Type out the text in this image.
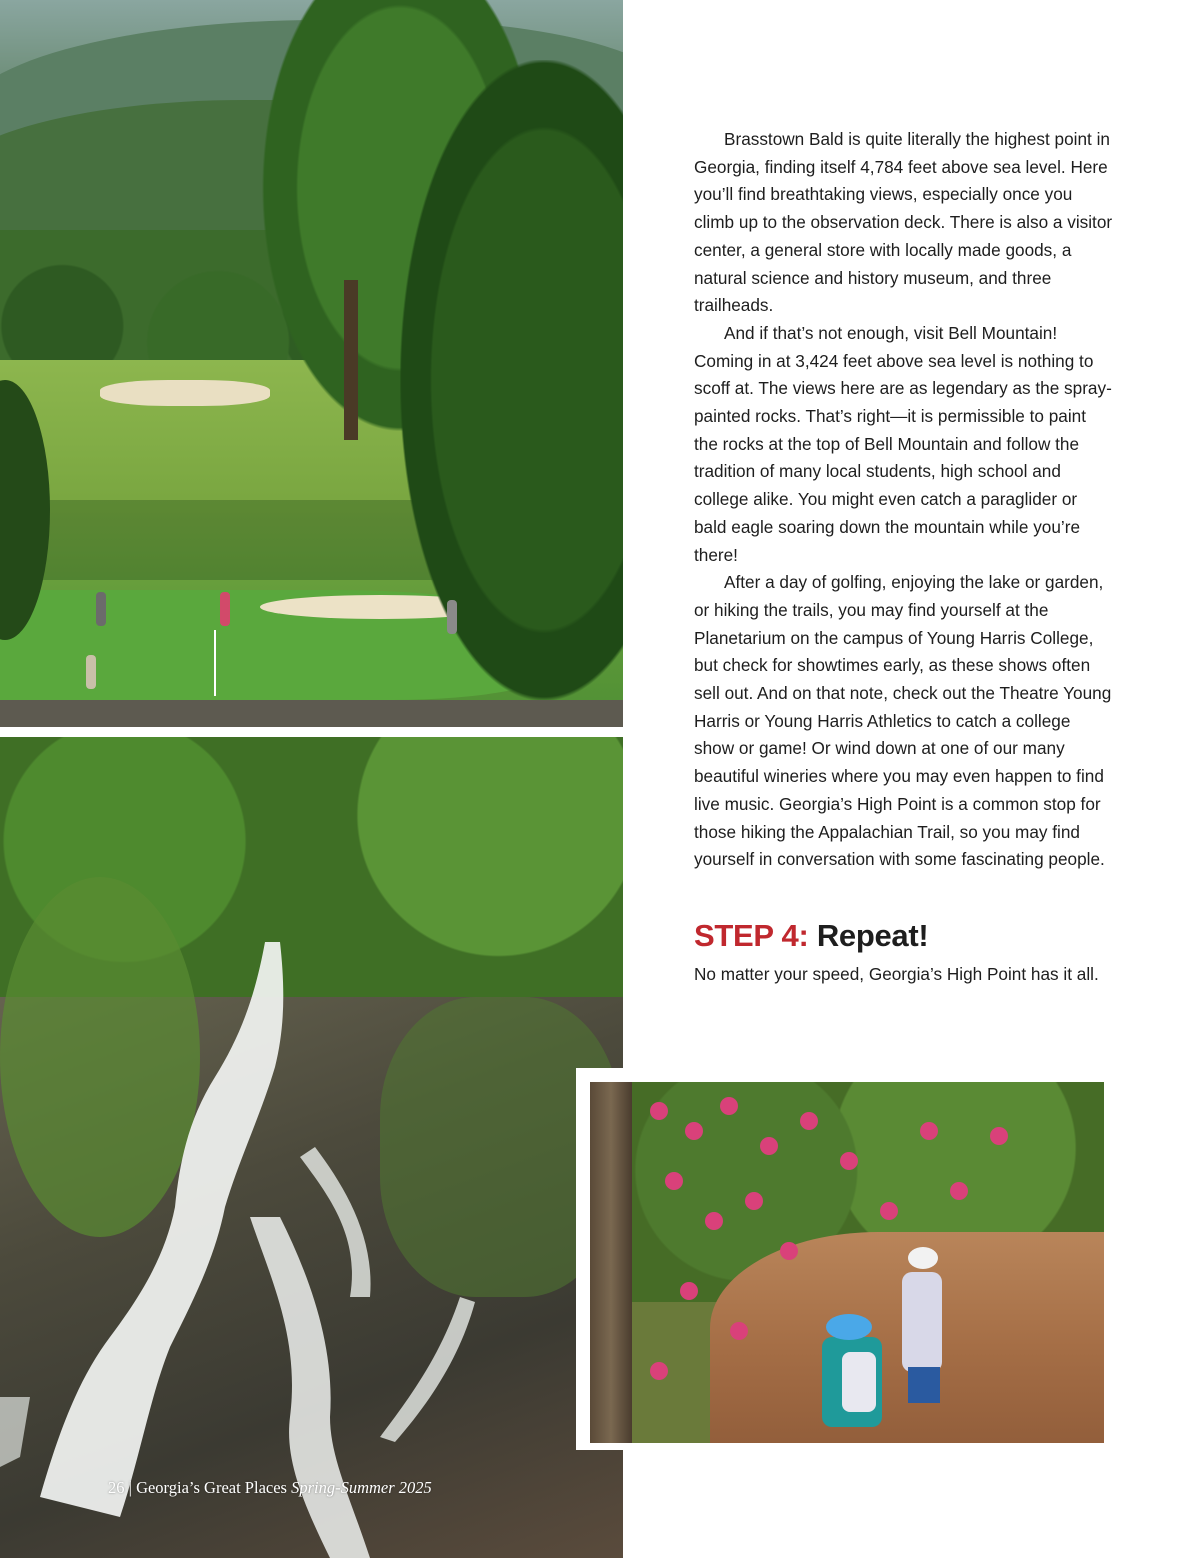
Brasstown Bald is quite literally the highest point in Georgia, finding itself 4,784 feet above sea level. Here you’ll find breathtaking views, especially once you climb up to the observation deck. There is also a visitor center, a general store with locally made goods, a natural science and history museum, and three trailheads.

And if that’s not enough, visit Bell Mountain! Coming in at 3,424 feet above sea level is nothing to scoff at. The views here are as legendary as the spray-painted rocks. That’s right—it is permissible to paint the rocks at the top of Bell Mountain and follow the tradition of many local students, high school and college alike. You might even catch a paraglider or bald eagle soaring down the mountain while you’re there!

After a day of golfing, enjoying the lake or garden, or hiking the trails, you may find yourself at the Planetarium on the campus of Young Harris College, but check for showtimes early, as these shows often sell out. And on that note, check out the Theatre Young Harris or Young Harris Athletics to catch a college show or game! Or wind down at one of our many beautiful wineries where you may even happen to find live music. Georgia’s High Point is a common stop for those hiking the Appalachian Trail, so you may find yourself in conversation with some fascinating people.

STEP 4: Repeat!

No matter your speed, Georgia’s High Point has it all.

26 | Georgia’s Great Places Spring-Summer 2025
